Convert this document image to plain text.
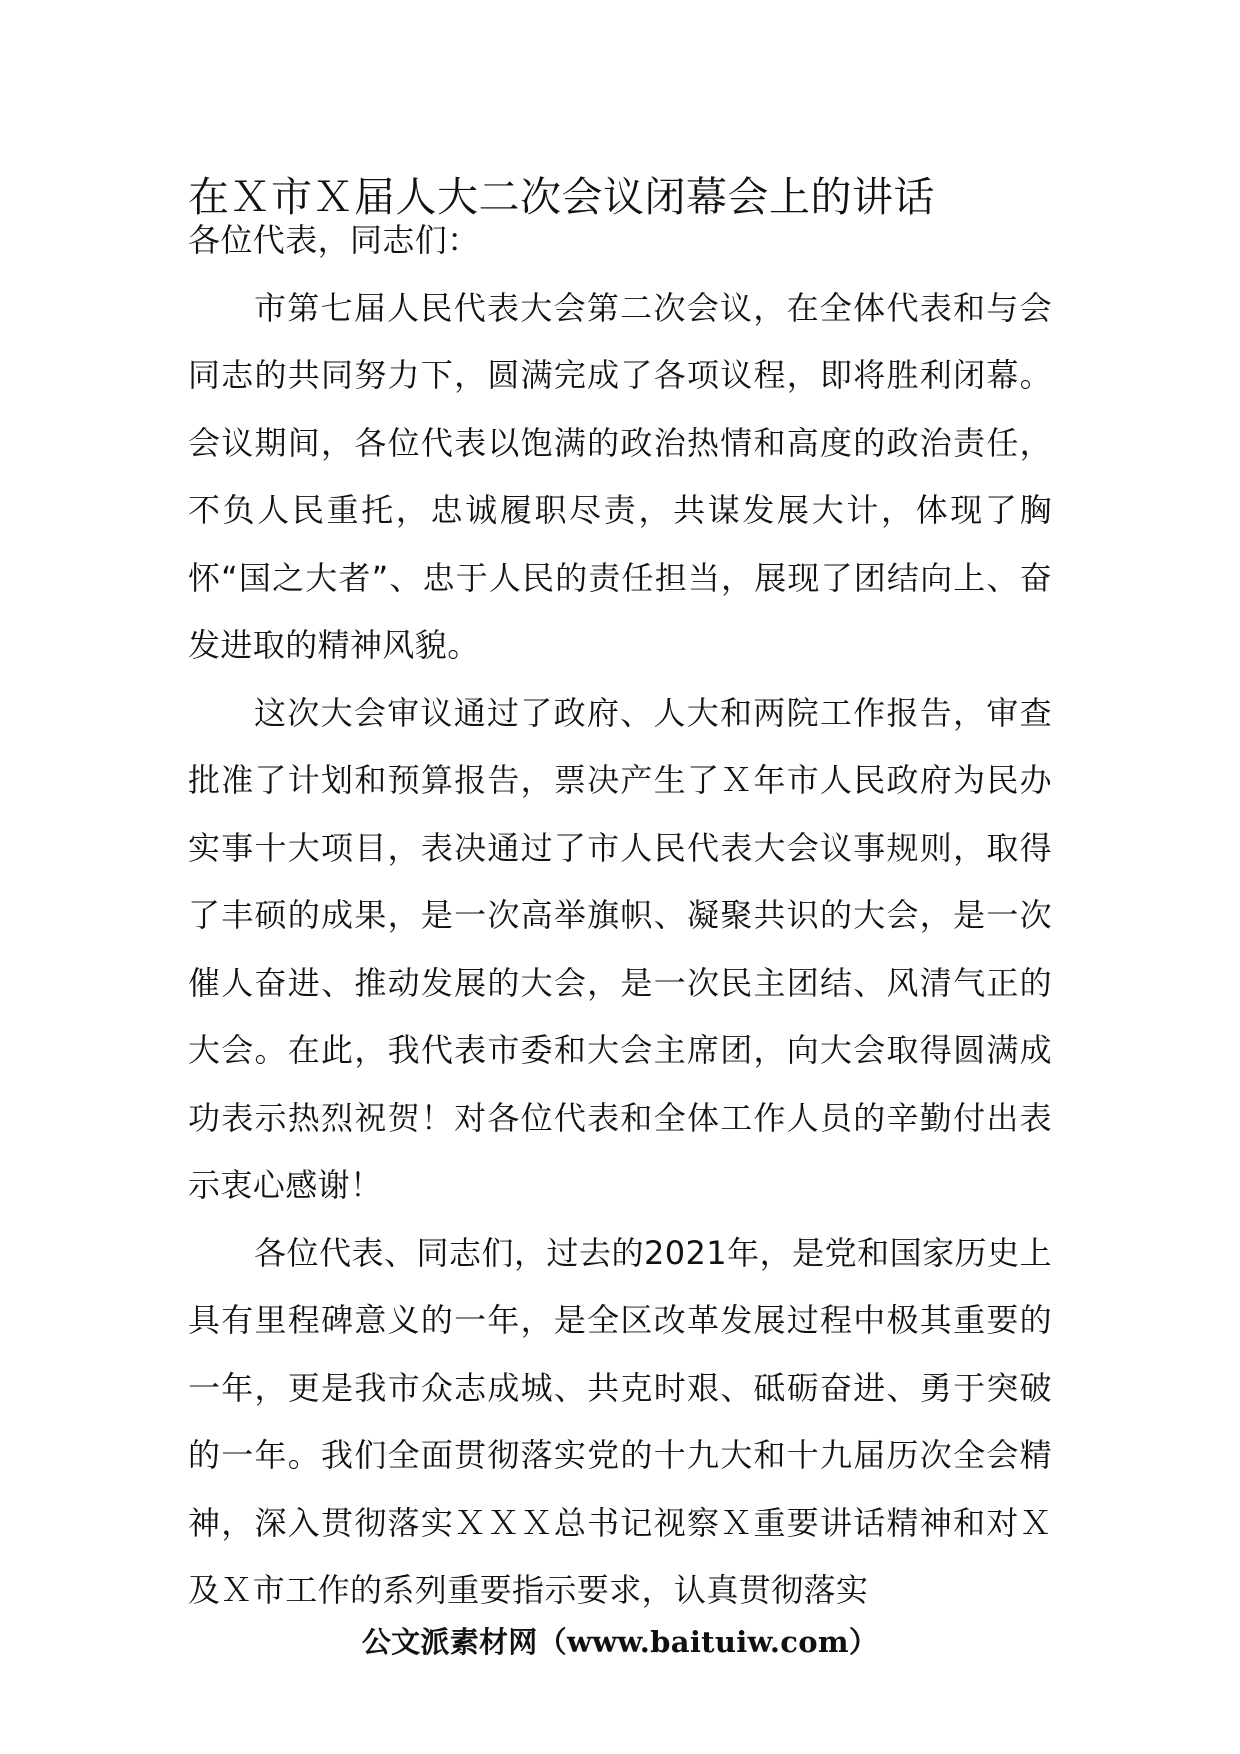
在Ｘ市Ｘ届人大二次会议闭幕会上的讲话

各位代表，同志们：

市第七届人民代表大会第二次会议，在全体代表和与会同志的共同努力下，圆满完成了各项议程，即将胜利闭幕。会议期间，各位代表以饱满的政治热情和高度的政治责任，不负人民重托，忠诚履职尽责，共谋发展大计，体现了胸怀“国之大者”、忠于人民的责任担当，展现了团结向上、奋发进取的精神风貌。

这次大会审议通过了政府、人大和两院工作报告，审查批准了计划和预算报告，票决产生了Ｘ年市人民政府为民办实事十大项目，表决通过了市人民代表大会议事规则，取得了丰硕的成果，是一次高举旗帜、凝聚共识的大会，是一次催人奋进、推动发展的大会，是一次民主团结、风清气正的大会。在此，我代表市委和大会主席团，向大会取得圆满成功表示热烈祝贺！对各位代表和全体工作人员的辛勤付出表示衷心感谢！

各位代表、同志们，过去的2021年，是党和国家历史上具有里程碑意义的一年，是全区改革发展过程中极其重要的一年，更是我市众志成城、共克时艰、砥砺奋进、勇于突破的一年。我们全面贯彻落实党的十九大和十九届历次全会精神，深入贯彻落实ＸＸＸ总书记视察Ｘ重要讲话精神和对Ｘ及Ｘ市工作的系列重要指示要求，认真贯彻落实

公文派素材网（www.baituiw.com）
